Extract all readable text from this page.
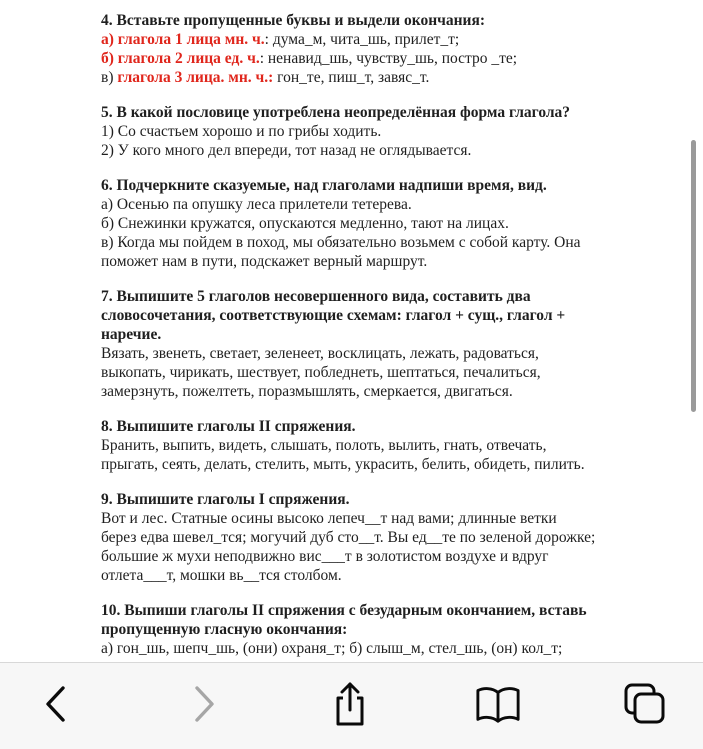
4. Вставьте пропущенные буквы и выдели окончания:
а) глагола 1 лица мн. ч.: дума_м, чита_шь, прилет_т;
б) глагола 2 лица ед. ч.: ненавид_шь, чувству_шь, постро _те;
в) глагола 3 лица. мн. ч.: гон_те, пиш_т, завяс_т.
5. В какой пословице употреблена неопределённая форма глагола?
1) Со счастьем хорошо и по грибы ходить.
2) У кого много дел впереди, тот назад не оглядывается.
6. Подчеркните сказуемые, над глаголами надпиши время, вид.
а) Осенью па опушку леса прилетели тетерева.
б) Снежинки кружатся, опускаются медленно, тают на лицах.
в) Когда мы пойдем в поход, мы обязательно возьмем с собой карту. Она
поможет нам в пути, подскажет верный маршрут.
7. Выпишите 5 глаголов несовершенного вида, составить два
словосочетания, соответствующие схемам: глагол + сущ., глагол +
наречие.
Вязать, звенеть, светает, зеленеет, восклицать, лежать, радоваться,
выкопать, чирикать, шествует, побледнеть, шептаться, печалиться,
замерзнуть, пожелтеть, поразмышлять, смеркается, двигаться.
8. Выпишите глаголы II спряжения.
Бранить, выпить, видеть, слышать, полоть, вылить, гнать, отвечать,
прыгать, сеять, делать, стелить, мыть, украсить, белить, обидеть, пилить.
9. Выпишите глаголы I спряжения.
Вот и лес. Статные осины высоко лепеч__т над вами; длинные ветки
берез едва шевел_тся; могучий дуб сто__т. Вы ед__те по зеленой дорожке;
большие ж мухи неподвижно вис___т в золотистом воздухе и вдруг
отлета___т, мошки вь__тся столбом.
10. Выпиши глаголы II спряжения с безударным окончанием, вставь
пропущенную гласную окончания:
а) гон_шь, шепч_шь, (они) охраня_т; б) слыш_м, стел_шь, (он) кол_т;
